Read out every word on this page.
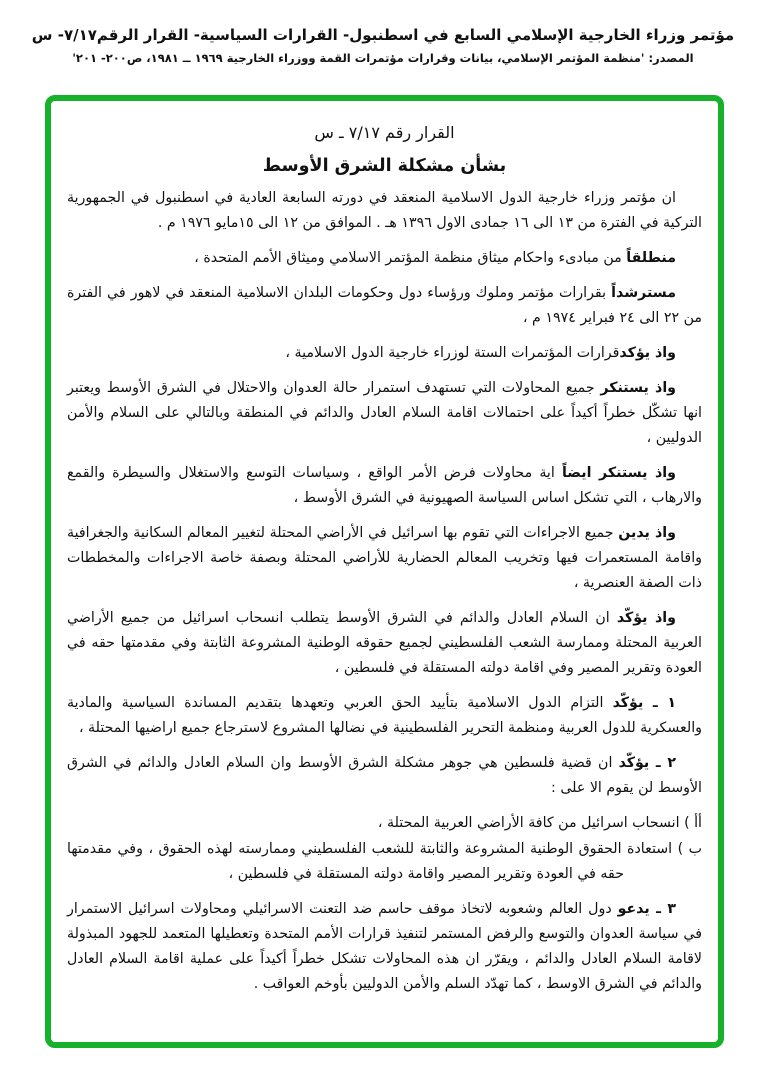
مؤتمر وزراء الخارجية الإسلامي السابع في اسطنبول- القرارات السياسية- القرار الرقم٧/١٧- س
المصدر: 'منظمة المؤتمر الإسلامي، بيانات وقرارات مؤتمرات القمة ووزراء الخارجية ١٩٦٩ ــ ١٩٨١، ص٢٠٠- ٢٠١'
القرار رقم ٧/١٧ ـ س
بشأن مشكلة الشرق الأوسط

ان مؤتمر وزراء خارجية الدول الاسلامية المنعقد في دورته السابعة العادية في اسطنبول في الجمهورية التركية في الفترة من ١٣ الى ١٦ جمادى الاول ١٣٩٦ هـ . الموافق من ١٢ الى ١٥مايو ١٩٧٦ م .

منطلقاً من مبادىء واحكام ميثاق منظمة المؤتمر الاسلامي وميثاق الأمم المتحدة ،

مسترشداً بقرارات مؤتمر وملوك ورؤساء دول وحكومات البلدان الاسلامية المنعقد في لاهور في الفترة من ٢٢ الى ٢٤ فبراير ١٩٧٤ م ،

واذ يؤكدقرارات المؤتمرات الستة لوزراء خارجية الدول الاسلامية ،

واذ يستنكر جميع المحاولات التي تستهدف استمرار حالة العدوان والاحتلال في الشرق الأوسط ويعتبر انها تشكّل خطراً أكيداً على احتمالات اقامة السلام العادل والدائم في المنطقة وبالتالي على السلام والأمن الدوليين ،

واذ يستنكر ايضاً اية محاولات فرض الأمر الواقع ، وسياسات التوسع والاستغلال والسيطرة والقمع والارهاب ، التي تشكل اساس السياسة الصهيونية في الشرق الأوسط ،

واذ يدين جميع الاجراءات التي تقوم بها اسرائيل في الأراضي المحتلة لتغيير المعالم السكانية والجغرافية واقامة المستعمرات فيها وتخريب المعالم الحضارية للأراضي المحتلة وبصفة خاصة الاجراءات والمخططات ذات الصفة العنصرية ،

واذ يؤكّد ان السلام العادل والدائم في الشرق الأوسط يتطلب انسحاب اسرائيل من جميع الأراضي العربية المحتلة وممارسة الشعب الفلسطيني لجميع حقوقه الوطنية المشروعة الثابتة وفي مقدمتها حقه في العودة وتقرير المصير وفي اقامة دولته المستقلة في فلسطين ،

١ ـ يؤكّد التزام الدول الاسلامية بتأييد الحق العربي وتعهدها بتقديم المساندة السياسية والمادية والعسكرية للدول العربية ومنظمة التحرير الفلسطينية في نضالها المشروع لاسترجاع جميع اراضيها المحتلة ،

٢ ـ يؤكّد ان قضية فلسطين هي جوهر مشكلة الشرق الأوسط وان السلام العادل والدائم في الشرق الأوسط لن يقوم الا على :

أأ ) انسحاب اسرائيل من كافة الأراضي العربية المحتلة ،

ب ) استعادة الحقوق الوطنية المشروعة والثابتة للشعب الفلسطيني وممارسته لهذه الحقوق ، وفي مقدمتها حقه في العودة وتقرير المصير واقامة دولته المستقلة في فلسطين ،

٣ ـ يدعو دول العالم وشعوبه لاتخاذ موقف حاسم ضد التعنت الاسرائيلي ومحاولات اسرائيل الاستمرار في سياسة العدوان والتوسع والرفض المستمر لتنفيذ قرارات الأمم المتحدة وتعطيلها المتعمد للجهود المبذولة لاقامة السلام العادل والدائم ، ويقرّر ان هذه المحاولات تشكل خطراً أكيداً على عملية اقامة السلام العادل والدائم في الشرق الاوسط ، كما تهدّد السلم والأمن الدوليين بأوخم العواقب .
